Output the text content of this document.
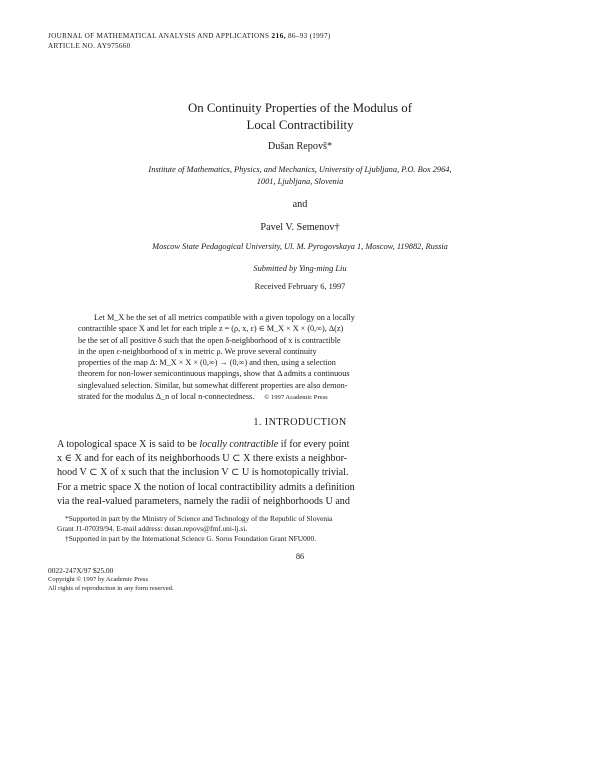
JOURNAL OF MATHEMATICAL ANALYSIS AND APPLICATIONS 216, 86–93 (1997)
ARTICLE NO. AY975660
On Continuity Properties of the Modulus of
Local Contractibility
Dušan Repovš*
Institute of Mathematics, Physics, and Mechanics, University of Ljubljana, P.O. Box 2964,
1001, Ljubljana, Slovenia
and
Pavel V. Semenov†
Moscow State Pedagogical University, Ul. M. Pyrogovskaya 1, Moscow, 119882, Russia
Submitted by Ying-ming Liu
Received February 6, 1997
Let M_X be the set of all metrics compatible with a given topology on a locally
contractible space X and let for each triple z = (ρ, x, ε) ∈ M_X × X × (0,∞), Δ(z)
be the set of all positive δ such that the open δ-neighborhood of x is contractible
in the open ε-neighborhood of x in metric ρ. We prove several continuity
properties of the map Δ: M_X × X × (0,∞) → (0,∞) and then, using a selection
theorem for non-lower semicontinuous mappings, show that Δ admits a continuous
singlevalued selection. Similar, but somewhat different properties are also demon-
strated for the modulus Δ_n of local n-connectedness. © 1997 Academic Press
1. INTRODUCTION
A topological space X is said to be locally contractible if for every point
x ∈ X and for each of its neighborhoods U ⊂ X there exists a neighbor-
hood V ⊂ X of x such that the inclusion V ⊂ U is homotopically trivial.
For a metric space X the notion of local contractibility admits a definition
via the real-valued parameters, namely the radii of neighborhoods U and
*Supported in part by the Ministry of Science and Technology of the Republic of Slovenia
Grant J1-07039/94. E-mail address: dusan.repovs@fmf.uni-lj.si.
†Supported in part by the International Science G. Soros Foundation Grant NFU000.
86
0022-247X/97 $25.00
Copyright © 1997 by Academic Press
All rights of reproduction in any form reserved.
